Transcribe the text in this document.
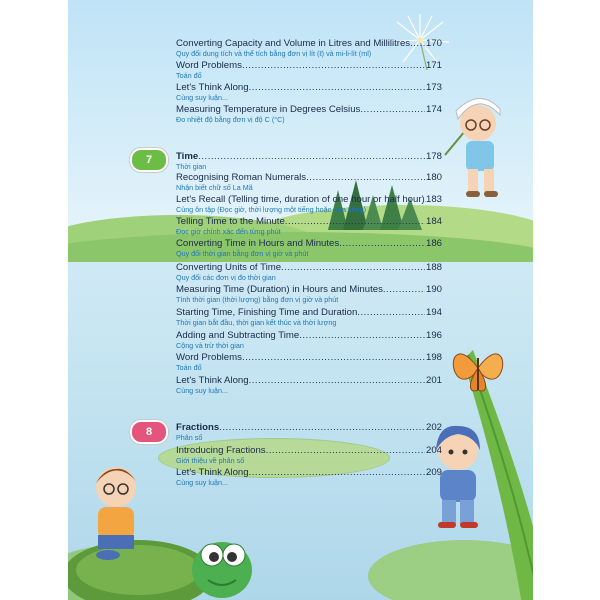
Converting Capacity and Volume in Litres and Millilitres ..... 170
Quy đổi dung tích và thể tích bằng đơn vị lít (ℓ) và mi-li-lít (ml)
Word Problems .....	171
Toán đố
Let's Think Along .....	173
Cùng suy luận...
Measuring Temperature in Degrees Celsius .....	174
Đo nhiệt độ bằng đơn vị độ C (°C)
7	Time .....	178
Thời gian
Recognising Roman Numerals .....	180
Nhận biết chữ số La Mã
Let's Recall (Telling time, duration of one hour or half hour) ..... 183
Cùng ôn tập (Đọc giờ, thời lượng một tiếng hoặc nửa tiếng)
Telling Time to the Minute .....	184
Đọc giờ chính xác đến từng phút
Converting Time in Hours and Minutes .....	186
Quy đổi thời gian bằng đơn vị giờ và phút
Converting Units of Time .....	188
Quy đổi các đơn vị đo thời gian
Measuring Time (Duration) in Hours and Minutes .....	190
Tính thời gian (thời lượng) bằng đơn vị giờ và phút
Starting Time, Finishing Time and Duration .....	194
Thời gian bắt đầu, thời gian kết thúc và thời lượng
Adding and Subtracting Time .....	196
Cộng và trừ thời gian
Word Problems .....	198
Toán đố
Let's Think Along .....	201
Cùng suy luận...
8	Fractions .....	202
Phân số
Introducing Fractions .....	204
Giới thiệu về phân số
Let's Think Along .....	209
Cùng suy luận...
